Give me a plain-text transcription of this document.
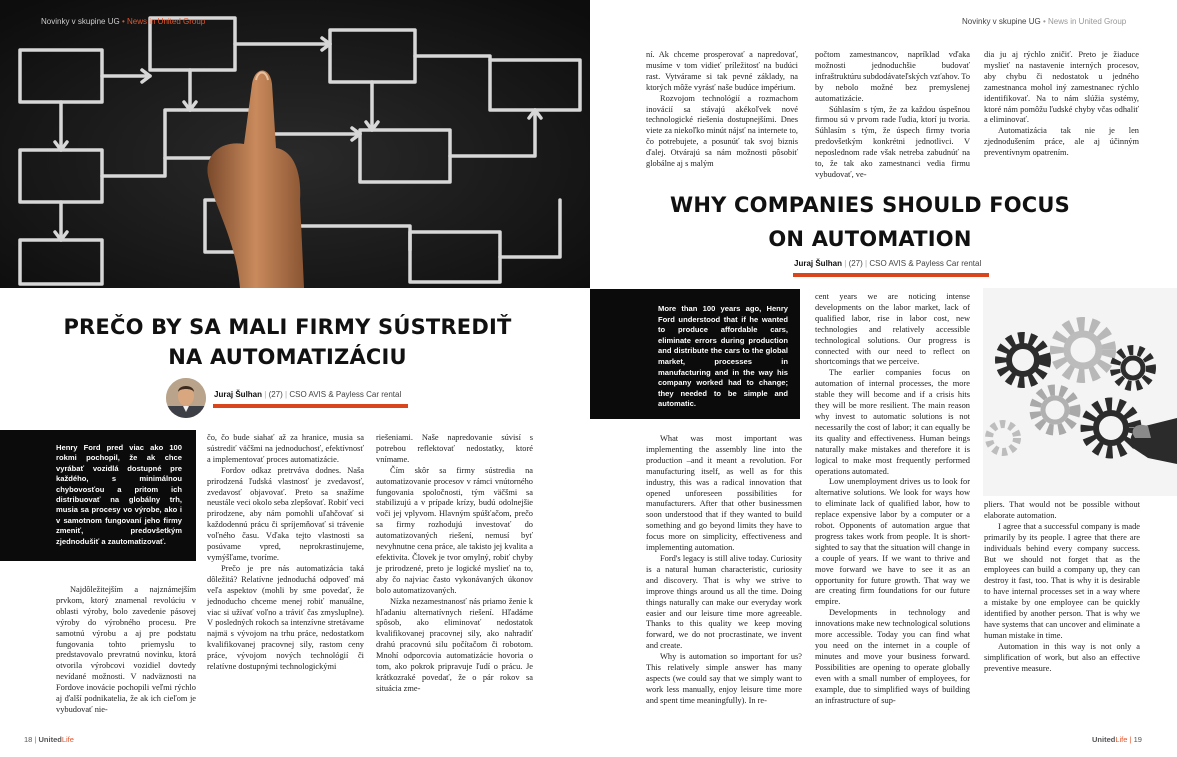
Novinky v skupine UG • News in United Group
PREČO BY SA MALI FIRMY SÚSTREDIŤ
NA AUTOMATIZÁCIU
Juraj Šulhan | (27) | CSO AVIS & Payless Car rental
Henry Ford pred viac ako 100 rokmi pochopil, že ak chce vyrábať vozidlá dostupné pre každého, s minimálnou chybovosťou a pritom ich distribuovať na globálny trh, musia sa procesy vo výrobe, ako i v samotnom fungovaní jeho firmy zmeniť, predovšetkým zjednodušiť a zautomatizovať.

Najdôležitejším a najznámejším prvkom, ktorý znamenal revolúciu v oblasti výroby, bolo zavedenie pásovej výroby do výrobného procesu. Pre samotnú výrobu a aj pre podstatu fungovania tohto priemyslu to predstavovalo prevratnú novinku, ktorá otvorila výrobcovi vozidiel dovtedy nevídané možnosti. V nadväznosti na Fordove inovácie pochopili veľmi rýchlo aj ďalší podnikatelia, že ak ich cieľom je vybudovať nie-

čo, čo bude siahať až za hranice, musia sa sústrediť väčšmi na jednoduchosť, efektívnosť a implementovať proces automatizácie.

Fordov odkaz pretrváva dodnes. Naša prirodzená ľudská vlastnosť je zvedavosť, zvedavosť objavovať. Preto sa snažíme neustále veci okolo seba zlepšovať. Robiť veci prirodzene, aby nám pomohli uľahčovať si každodennú prácu či spríjemňovať si trávenie voľného času. Vďaka tejto vlastnosti sa posúvame vpred, neprokrastinujeme, vymýšľame, tvoríme.

Prečo je pre nás automatizácia taká dôležitá? Relatívne jednoduchá odpoveď má veľa aspektov (mohli by sme povedať, že jednoducho chceme menej robiť manuálne, viac si užívať voľno a tráviť čas zmysluplne). V posledných rokoch sa intenzívne stretávame najmä s vývojom na trhu práce, nedostatkom kvalifikovanej pracovnej sily, rastom ceny práce, vývojom nových technológií či relatívne dostupnými technologickými

riešeniami. Naše napredovanie súvisí s potrebou reflektovať nedostatky, ktoré vnímame.

Čím skôr sa firmy sústredia na automatizovanie procesov v rámci vnútorného fungovania spoločnosti, tým väčšmi sa stabilizujú a v prípade krízy, budú odolnejšie voči jej vplyvom. Hlavným spúšťačom, prečo sa firmy rozhodujú investovať do automatizovaných riešení, nemusí byť nevyhnutne cena práce, ale takisto jej kvalita a efektivita. Človek je tvor omylný, robiť chyby je prirodzené, preto je logické myslieť na to, aby čo najviac často vykonávaných úkonov bolo automatizovaných.

Nízka nezamestnanosť nás priamo ženie k hľadaniu alternatívnych riešení. Hľadáme spôsob, ako eliminovať nedostatok kvalifikovanej pracovnej sily, ako nahradiť drahú pracovnú silu počítačom či robotom. Mnohí odporcovia automatizácie hovoria o tom, ako pokrok pripravuje ľudí o prácu. Je krátkozraké povedať, že o pár rokov sa situácia zme-

18 | UnitedLife
Novinky v skupine UG • News in United Group

ní. Ak chceme prosperovať a napredovať, musíme v tom vidieť príležitosť na budúci rast. Vytvárame si tak pevné základy, na ktorých môže vyrásť naše budúce impérium.

Rozvojom technológií a rozmachom inovácií sa stávajú akékoľvek nové technologické riešenia dostupnejšími. Dnes viete za niekoľko minút nájsť na internete to, čo potrebujete, a posunúť tak svoj biznis ďalej. Otvárajú sa nám možnosti pôsobiť globálne aj s malým

počtom zamestnancov, napríklad vďaka možnosti jednoduchšie budovať infraštruktúru subdodávateľských vzťahov. To by nebolo možné bez premyslenej automatizácie.

Súhlasím s tým, že za každou úspešnou firmou sú v prvom rade ľudia, ktorí ju tvoria. Súhlasím s tým, že úspech firmy tvoria predovšetkým konkrétni jednotlivci. V neposlednom rade však netreba zabudnúť na to, že tak ako zamestnanci vedia firmu vybudovať, ve-

dia ju aj rýchlo zničiť. Preto je žiaduce myslieť na nastavenie interných procesov, aby chybu či nedostatok u jedného zamestnanca mohol iný zamestnanec rýchlo identifikovať. Na to nám slúžia systémy, ktoré nám pomôžu ľudské chyby včas odhaliť a eliminovať.

Automatizácia tak nie je len zjednodušením práce, ale aj účinným preventívnym opatrením.

WHY COMPANIES SHOULD FOCUS
ON AUTOMATION
Juraj Šulhan | (27) | CSO AVIS & Payless Car rental
More than 100 years ago, Henry Ford understood that if he wanted to produce affordable cars, eliminate errors during production and distribute the cars to the global market, processes in manufacturing and in the way his company worked had to change; they needed to be simple and automatic.

What was most important was implementing the assembly line into the production –and it meant a revolution. For manufacturing itself, as well as for this industry, this was a radical innovation that opened unforeseen possibilities for manufacturers. After that other businessmen soon understood that if they wanted to build something and go beyond limits they have to focus more on simplicity, effectiveness and implementing automation.

Ford's legacy is still alive today. Curiosity is a natural human characteristic, curiosity and discovery. That is why we strive to improve things around us all the time. Doing things naturally can make our everyday work easier and our leisure time more agreeable. Thanks to this quality we keep moving forward, we do not procrastinate, we invent and create.

Why is automation so important for us? This relatively simple answer has many aspects (we could say that we simply want to work less manually, enjoy leisure time more and spent time meaningfully). In re-

cent years we are noticing intense developments on the labor market, lack of qualified labor, rise in labor cost, new technologies and relatively accessible technological solutions. Our progress is connected with our need to reflect on shortcomings that we perceive.

The earlier companies focus on automation of internal processes, the more stable they will become and if a crisis hits they will be more resilient. The main reason why invest to automatic solutions is not necessarily the cost of labor; it can equally be its quality and effectiveness. Human beings naturally make mistakes and therefore it is logical to make most frequently performed operations automated.

Low unemployment drives us to look for alternative solutions. We look for ways how to eliminate lack of qualified labor, how to replace expensive labor by a computer or a robot. Opponents of automation argue that progress takes work from people. It is short-sighted to say that the situation will change in a couple of years. If we want to thrive and move forward we have to see it as an opportunity for future growth. That way we are creating firm foundations for our future empire.

Developments in technology and innovations make new technological solutions more accessible. Today you can find what you need on the internet in a couple of minutes and move your business forward. Possibilities are opening to operate globally even with a small number of employees, for example, due to simplified ways of building an infrastructure of sup-

pliers. That would not be possible without elaborate automation.

I agree that a successful company is made primarily by its people. I agree that there are individuals behind every company success. But we should not forget that as the employees can build a company up, they can destroy it fast, too. That is why it is desirable to have internal processes set in a way where a mistake by one employee can be quickly identified by another person. That is why we have systems that can uncover and eliminate a human mistake in time.

Automation in this way is not only a simplification of work, but also an effective preventive measure.

UnitedLife | 19
